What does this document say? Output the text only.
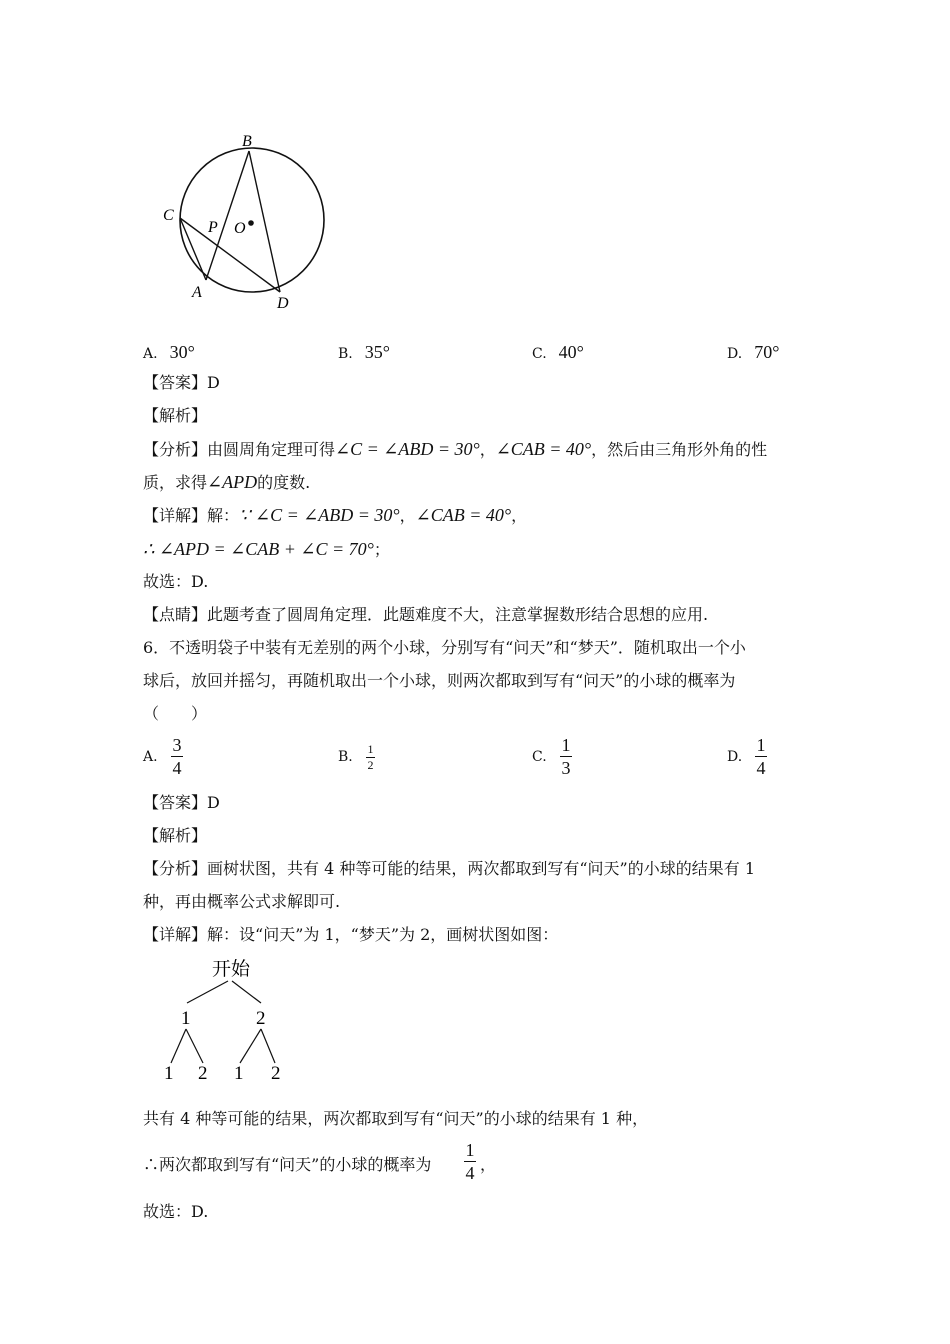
B
C
P O
A
D
A. 30°	B. 35°	C. 40°	D. 70°
【答案】D
【解析】
【分析】由圆周角定理可得∠C = ∠ABD = 30°，∠CAB = 40°，然后由三角形外角的性
质，求得∠APD的度数.
【详解】解：∵ ∠C = ∠ABD = 30°，∠CAB = 40°，
∴ ∠APD = ∠CAB + ∠C = 70°；
故选：D.
【点睛】此题考查了圆周角定理．此题难度不大，注意掌握数形结合思想的应用.
6．不透明袋子中装有无差别的两个小球，分别写有“问天”和“梦天”．随机取出一个小
球后，放回并摇匀，再随机取出一个小球，则两次都取到写有“问天”的小球的概率为
（　　）
A.
3
4
B. 1
2	C.
1
3
D.
1
4
【答案】D
【解析】
【分析】画树状图，共有 4 种等可能的结果，两次都取到写有“问天”的小球的结果有 1
种，再由概率公式求解即可.
【详解】解：设“问天”为 1，“梦天”为 2，画树状图如图：
开始
1	2
1 2 1 2
共有 4 种等可能的结果，两次都取到写有“问天”的小球的结果有 1 种，
∴两次都取到写有“问天”的小球的概率为
1
4 ，
故选：D.
